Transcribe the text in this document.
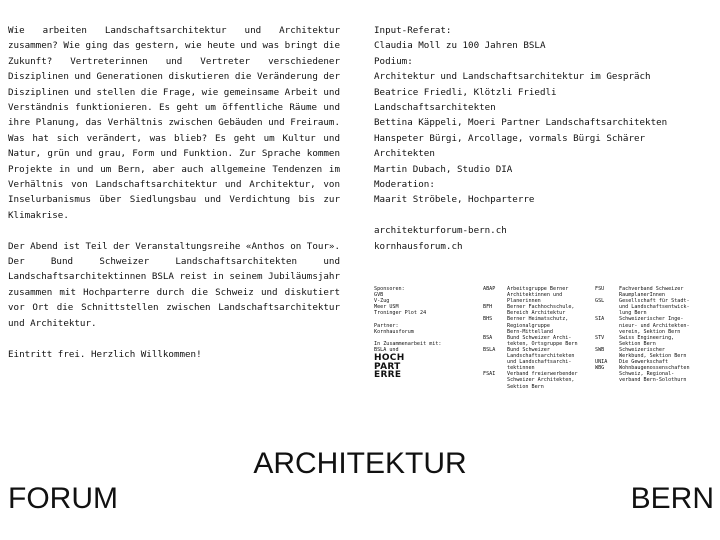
Wie arbeiten Landschaftsarchitektur und Architektur zusammen? Wie ging das gestern, wie heute und was bringt die Zukunft? Vertreterinnen und Vertreter verschiedener Disziplinen und Generationen diskutieren die Veränderung der Disziplinen und stellen die Frage, wie gemeinsame Arbeit und Verständnis funktionieren. Es geht um öffentliche Räume und ihre Planung, das Verhältnis zwischen Gebäuden und Freiraum. Was hat sich verändert, was blieb? Es geht um Kultur und Natur, grün und grau, Form und Funktion. Zur Sprache kommen Projekte in und um Bern, aber auch allgemeine Tendenzen im Verhältnis von Landschaftsarchitektur und Architektur, von Inselurbanismus über Siedlungsbau und Verdichtung bis zur Klimakrise.

Der Abend ist Teil der Veranstaltungsreihe «Anthos on Tour». Der Bund Schweizer Landschaftsarchitekten und Landschaftsarchitektinnen BSLA reist in seinem Jubiläumsjahr zusammen mit Hochparterre durch die Schweiz und diskutiert vor Ort die Schnittstellen zwischen Landschaftsarchitektur und Architektur.

Eintritt frei. Herzlich Willkommen!

Input-Referat:
Claudia Moll zu 100 Jahren BSLA
Podium:
Architektur und Landschaftsarchitektur im Gespräch
Beatrice Friedli, Klötzli Friedli
Landschaftsarchitekten
Bettina Käppeli, Moeri Partner Landschaftsarchitekten
Hanspeter Bürgi, Arcollage, vormals Bürgi Schärer
Architekten
Martin Dubach, Studio DIA
Moderation:
Maarit Ströbele, Hochparterre
architekturforum-bern.ch
kornhausforum.ch
Sponsoren:
GVB
V-Zug
Meer USM
Troninger Plot 24
Partner:
Kornhausforum
In Zusammenarbeit mit:
BSLA und
HOCH
PART
ERRE
ABAP	Arbeitsgruppe Berner
Architektinnen und
Planerinnen
BFH	Berner Fachhochschule,
Bereich Architektur
BHS	Berner Heimatschutz,
Regionalgruppe
Bern-Mittelland
BSA	Bund Schweizer Archi-
tekten, Ortsgruppe Bern
BSLA	Bund Schweizer
Landschaftsarchitekten
und Landschaftsarchi-
tektinnen
FSAI	Verband freierwerbender
Schweizer Architekten,
Sektion Bern
FSU	Fachverband Schweizer
RaumplanerInnen
GSL	Gesellschaft für Stadt-
und Landschaftsentwick-
lung Bern
SIA	Schweizerischer Inge-
nieur- und Architekten-
verein, Sektion Bern
STV	Swiss Engineering,
Sektion Bern
SWB	Schweizerischer
Werkbund, Sektion Bern
UNIA	Die Gewerkschaft
WBG	Wohnbaugenossenschaften
Schweiz, Regional-
verband Bern-Solothurn
ARCHITEKTUR
FORUM	BERN
